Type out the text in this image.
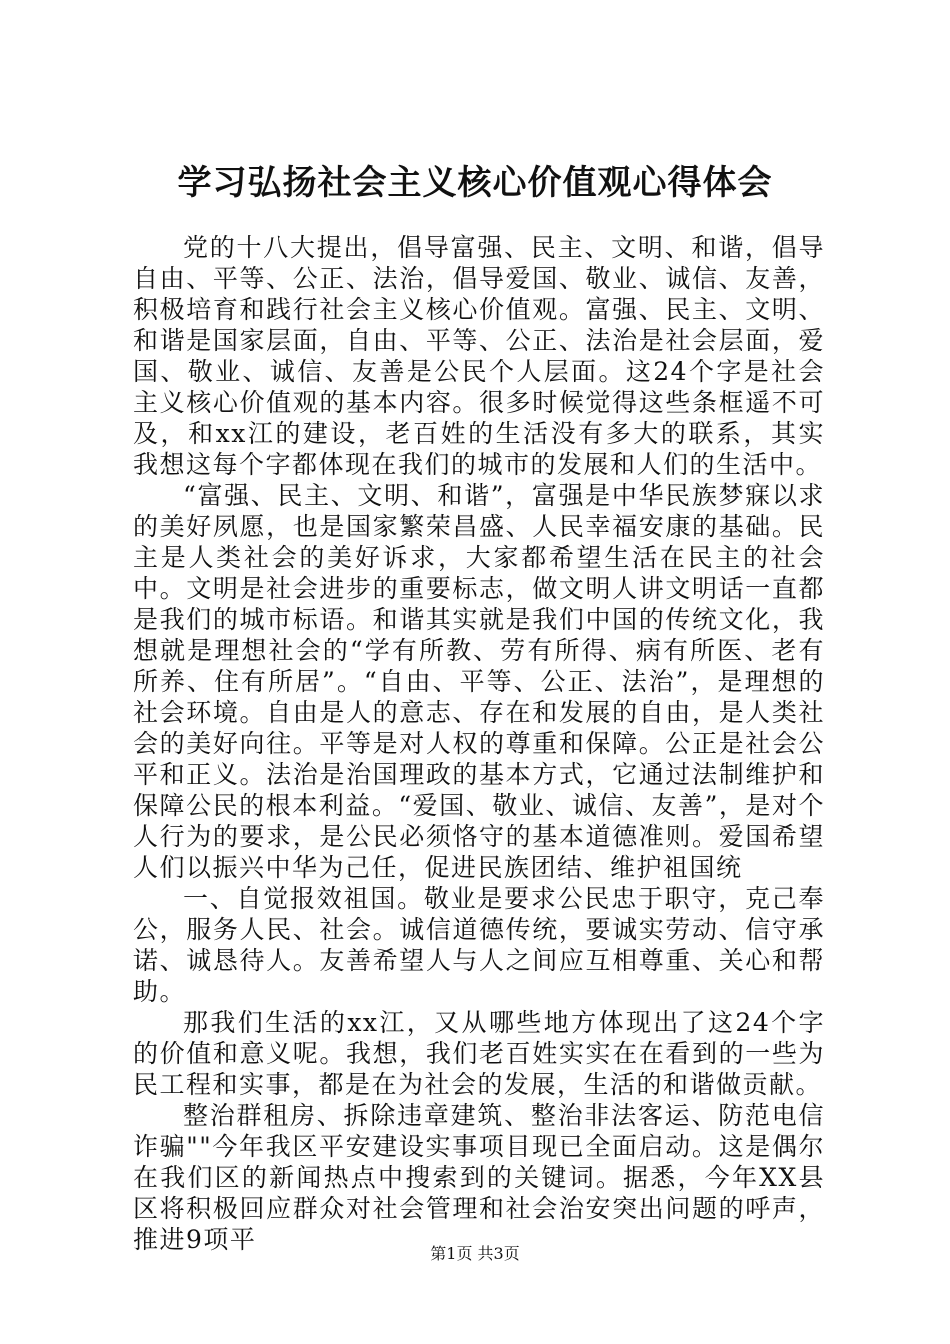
学习弘扬社会主义核心价值观心得体会

党的十八大提出，倡导富强、民主、文明、和谐，倡导自由、平等、公正、法治，倡导爱国、敬业、诚信、友善，积极培育和践行社会主义核心价值观。富强、民主、文明、和谐是国家层面，自由、平等、公正、法治是社会层面，爱国、敬业、诚信、友善是公民个人层面。这24个字是社会主义核心价值观的基本内容。很多时候觉得这些条框遥不可及，和xx江的建设，老百姓的生活没有多大的联系，其实我想这每个字都体现在我们的城市的发展和人们的生活中。

“富强、民主、文明、和谐”，富强是中华民族梦寐以求的美好夙愿，也是国家繁荣昌盛、人民幸福安康的基础。民主是人类社会的美好诉求，大家都希望生活在民主的社会中。文明是社会进步的重要标志，做文明人讲文明话一直都是我们的城市标语。和谐其实就是我们中国的传统文化，我想就是理想社会的“学有所教、劳有所得、病有所医、老有所养、住有所居”。“自由、平等、公正、法治”，是理想的社会环境。自由是人的意志、存在和发展的自由，是人类社会的美好向往。平等是对人权的尊重和保障。公正是社会公平和正义。法治是治国理政的基本方式，它通过法制维护和保障公民的根本利益。“爱国、敬业、诚信、友善”，是对个人行为的要求，是公民必须恪守的基本道德准则。爱国希望人们以振兴中华为己任，促进民族团结、维护祖国统

一、自觉报效祖国。敬业是要求公民忠于职守，克己奉公，服务人民、社会。诚信道德传统，要诚实劳动、信守承诺、诚恳待人。友善希望人与人之间应互相尊重、关心和帮助。

那我们生活的xx江，又从哪些地方体现出了这24个字的价值和意义呢。我想，我们老百姓实实在在看到的一些为民工程和实事，都是在为社会的发展，生活的和谐做贡献。

整治群租房、拆除违章建筑、整治非法客运、防范电信诈骗""今年我区平安建设实事项目现已全面启动。这是偶尔在我们区的新闻热点中搜索到的关键词。据悉，今年XX县区将积极回应群众对社会管理和社会治安突出问题的呼声，推进9项平	第1页 共3页
